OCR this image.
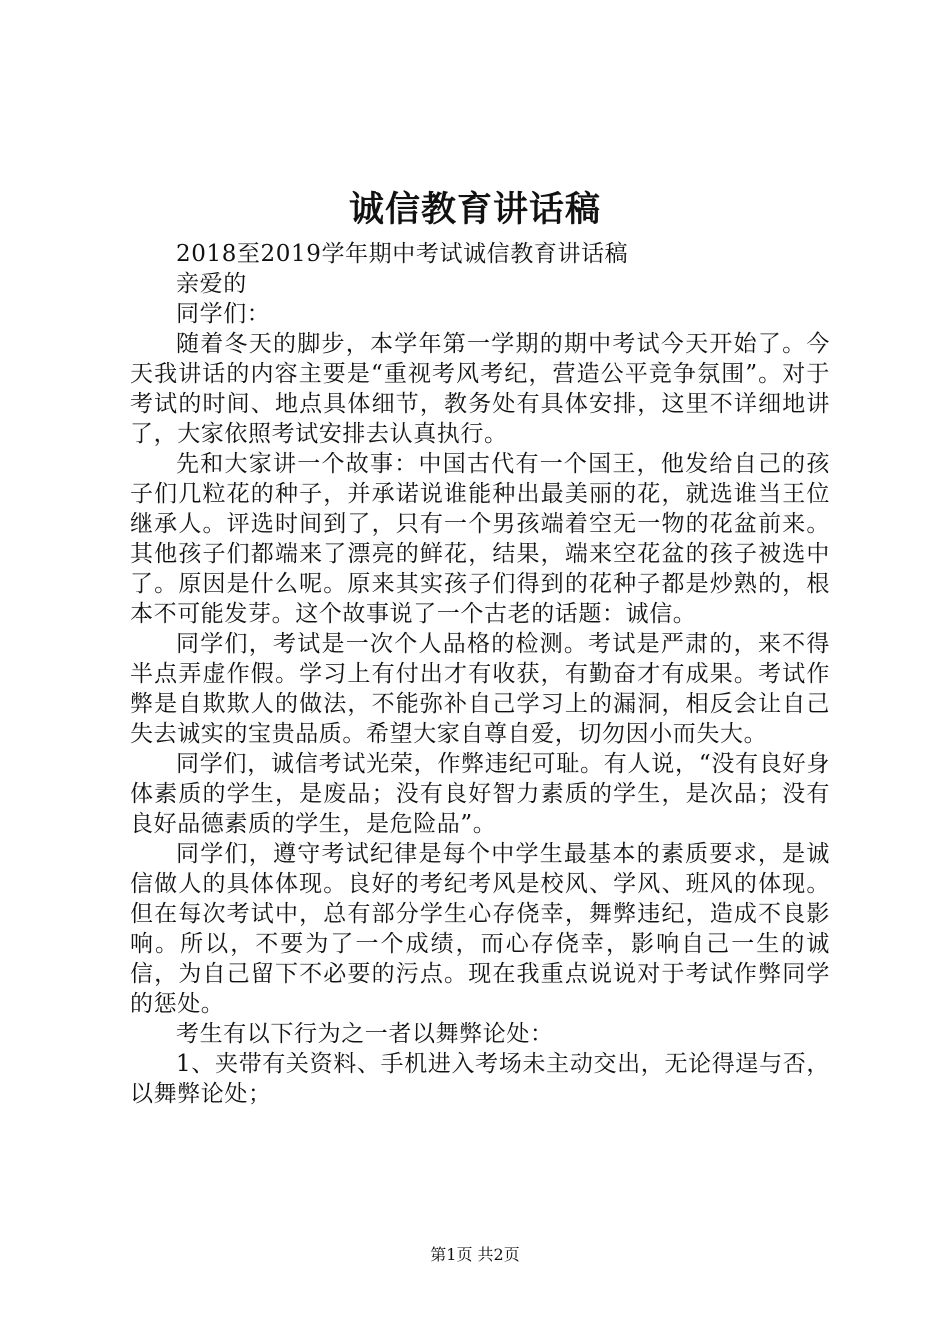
诚信教育讲话稿

2018至2019学年期中考试诚信教育讲话稿

亲爱的

同学们：

随着冬天的脚步，本学年第一学期的期中考试今天开始了。今天我讲话的内容主要是“重视考风考纪，营造公平竞争氛围”。对于考试的时间、地点具体细节，教务处有具体安排，这里不详细地讲了，大家依照考试安排去认真执行。

先和大家讲一个故事：中国古代有一个国王，他发给自己的孩子们几粒花的种子，并承诺说谁能种出最美丽的花，就选谁当王位继承人。评选时间到了，只有一个男孩端着空无一物的花盆前来。其他孩子们都端来了漂亮的鲜花，结果，端来空花盆的孩子被选中了。原因是什么呢。原来其实孩子们得到的花种子都是炒熟的，根本不可能发芽。这个故事说了一个古老的话题：诚信。

同学们，考试是一次个人品格的检测。考试是严肃的，来不得半点弄虚作假。学习上有付出才有收获，有勤奋才有成果。考试作弊是自欺欺人的做法，不能弥补自己学习上的漏洞，相反会让自己失去诚实的宝贵品质。希望大家自尊自爱，切勿因小而失大。

同学们，诚信考试光荣，作弊违纪可耻。有人说，“没有良好身体素质的学生，是废品；没有良好智力素质的学生，是次品；没有良好品德素质的学生，是危险品”。

同学们，遵守考试纪律是每个中学生最基本的素质要求，是诚信做人的具体体现。良好的考纪考风是校风、学风、班风的体现。但在每次考试中，总有部分学生心存侥幸，舞弊违纪，造成不良影响。所以，不要为了一个成绩，而心存侥幸，影响自己一生的诚信，为自己留下不必要的污点。现在我重点说说对于考试作弊同学的惩处。

考生有以下行为之一者以舞弊论处：

1、夹带有关资料、手机进入考场未主动交出，无论得逞与否，以舞弊论处；

第1页 共2页
